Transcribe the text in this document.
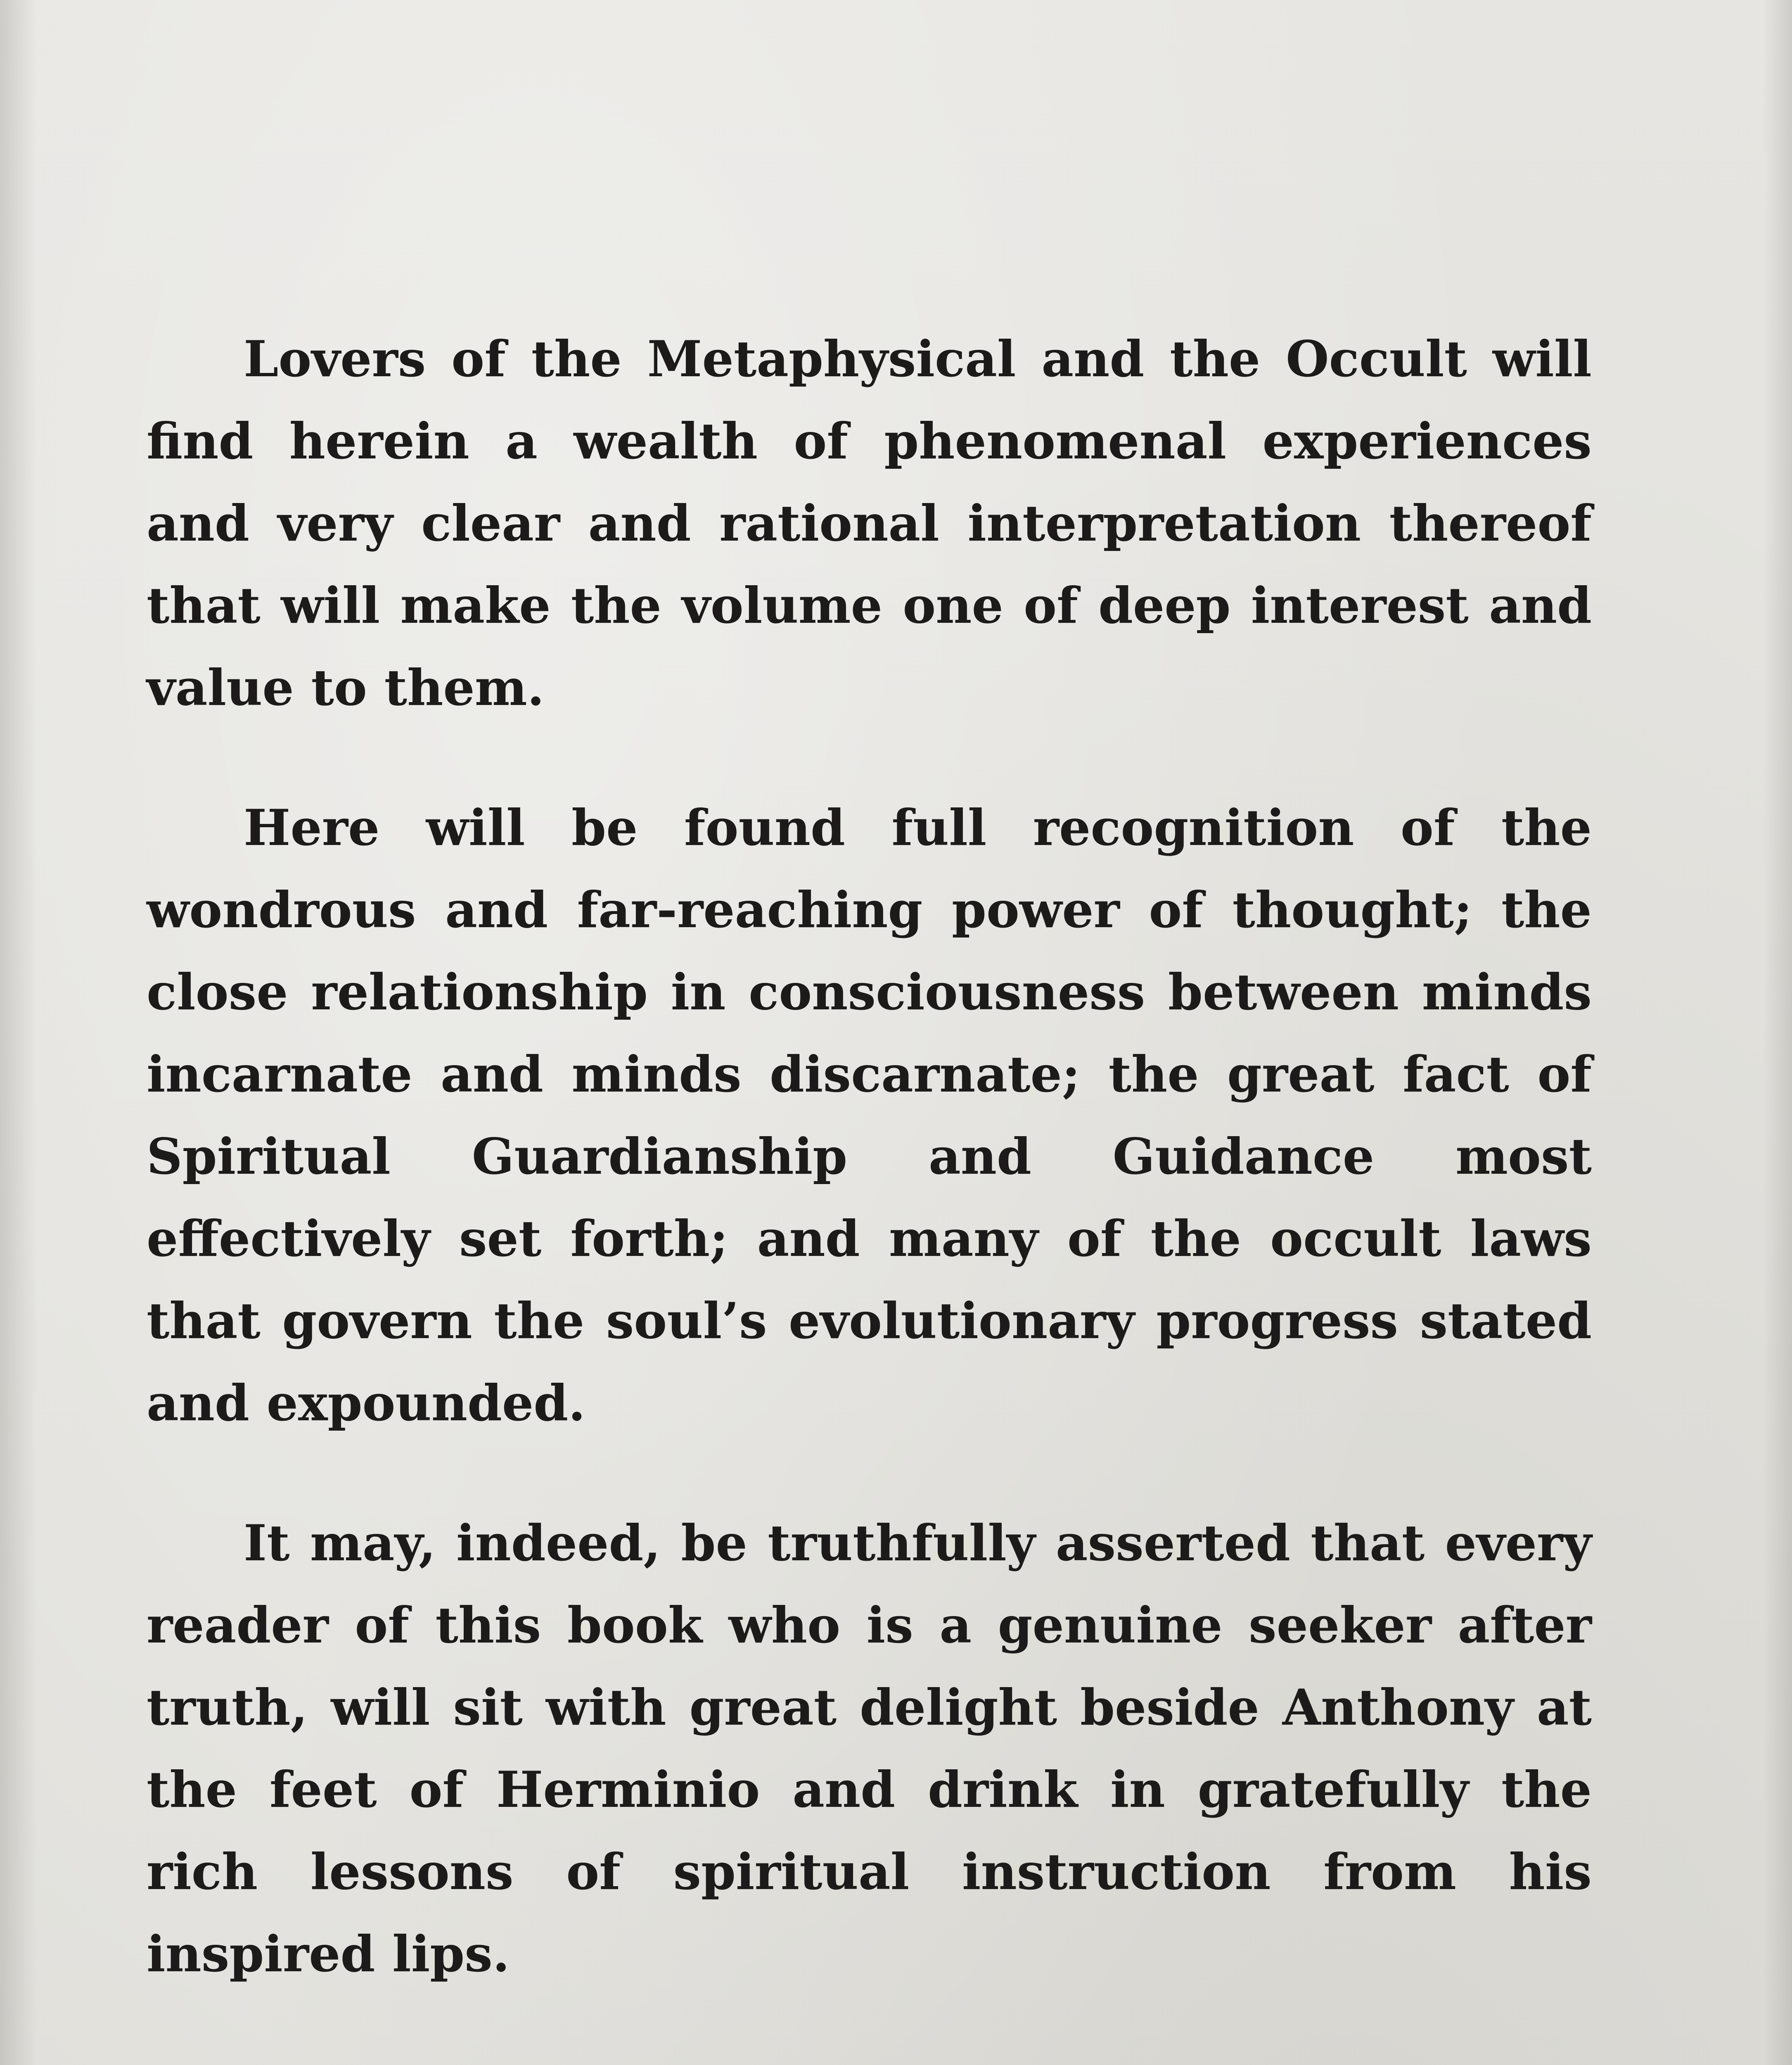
Lovers of the Metaphysical and the Occult will find herein a wealth of phenomenal experiences and very clear and rational interpretation thereof that will make the volume one of deep interest and value to them.

Here will be found full recognition of the wondrous and far-reaching power of thought; the close relationship in consciousness between minds incarnate and minds discarnate; the great fact of Spiritual Guardianship and Guidance most effectively set forth; and many of the occult laws that govern the soul’s evolutionary progress stated and expounded.

It may, indeed, be truthfully asserted that every reader of this book who is a genuine seeker after truth, will sit with great delight beside Anthony at the feet of Herminio and drink in gratefully the rich lessons of spiritual instruction from his inspired lips.
